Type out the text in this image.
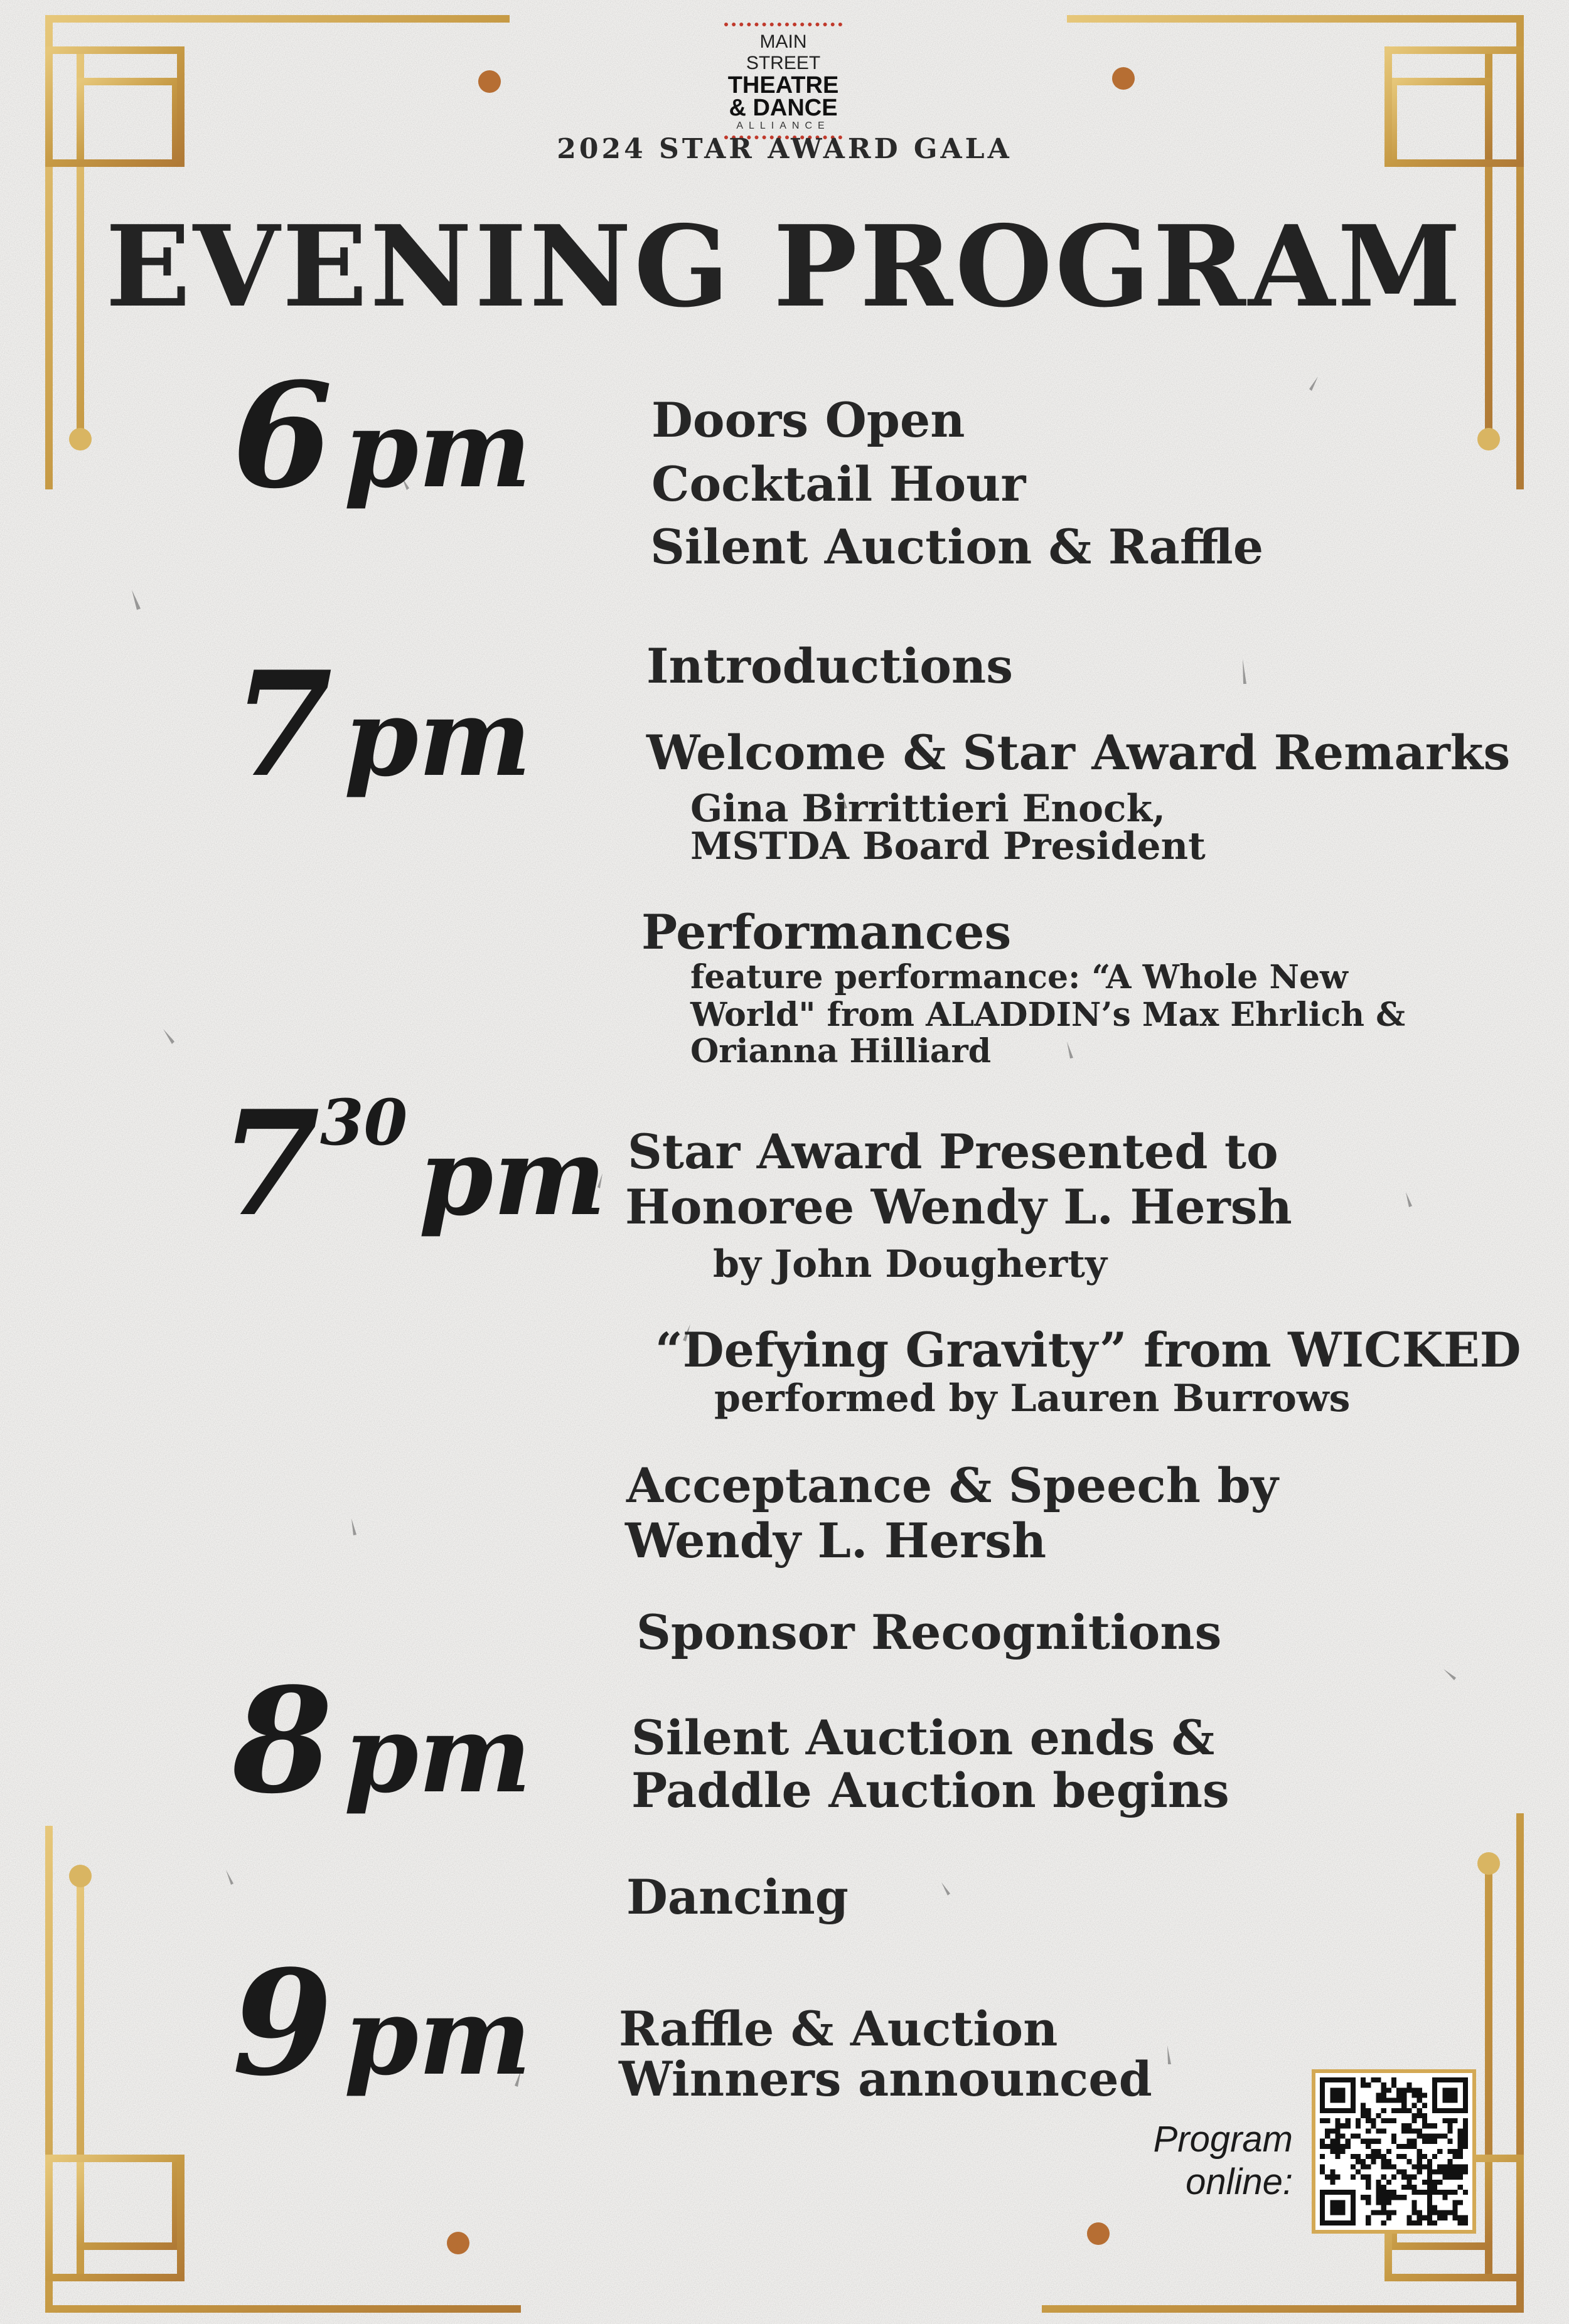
MAIN STREET
THEATRE
& DANCE
ALLIANCE
2024 STAR AWARD GALA
EVENING PROGRAM
6 pm
7 pm
730 pm
8 pm
9 pm
Doors Open
Cocktail Hour
Silent Auction & Raffle
Introductions
Welcome & Star Award Remarks
Gina Birrittieri Enock,
MSTDA Board President
Performances
feature performance: “A Whole New
World" from ALADDIN’s Max Ehrlich &
Orianna Hilliard
Star Award Presented to
Honoree Wendy L. Hersh
by John Dougherty
“Defying Gravity” from WICKED
performed by Lauren Burrows
Acceptance & Speech by
Wendy L. Hersh
Sponsor Recognitions
Silent Auction ends &
Paddle Auction begins
Dancing
Raffle & Auction
Winners announced
Program
online:
